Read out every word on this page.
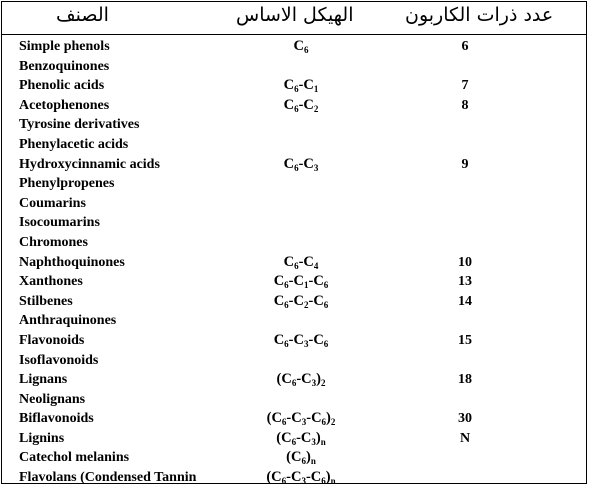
الصنف	الهيكل الاساس	عدد ذرات الكاربون
Simple phenols	$C_6$	6
Benzoquinones
Phenolic acids	$C_6-C_1$	7
Acetophenones	$C_6-C_2$	8
Tyrosine derivatives
Phenylacetic acids
Hydroxycinnamic acids	$C_6-C_3$	9
Phenylpropenes
Coumarins
Isocoumarins
Chromones
Naphthoquinones	$C_6-C_4$	10
Xanthones	$C_6-C_1-C_6$	13
Stilbenes	$C_6-C_2-C_6$	14
Anthraquinones
Flavonoids	$C_6-C_3-C_6$	15
Isoflavonoids
Lignans	$(C_6-C_3)_2$	18
Neolignans
Biflavonoids	$(C_6-C_3-C_6)_2$	30
Lignins	$(C_6-C_3)_n$	N
Catechol melanins	$(C_6)_n$
Flavolans (Condensed Tannin	$(C_6-C_3-C_6)_n$
